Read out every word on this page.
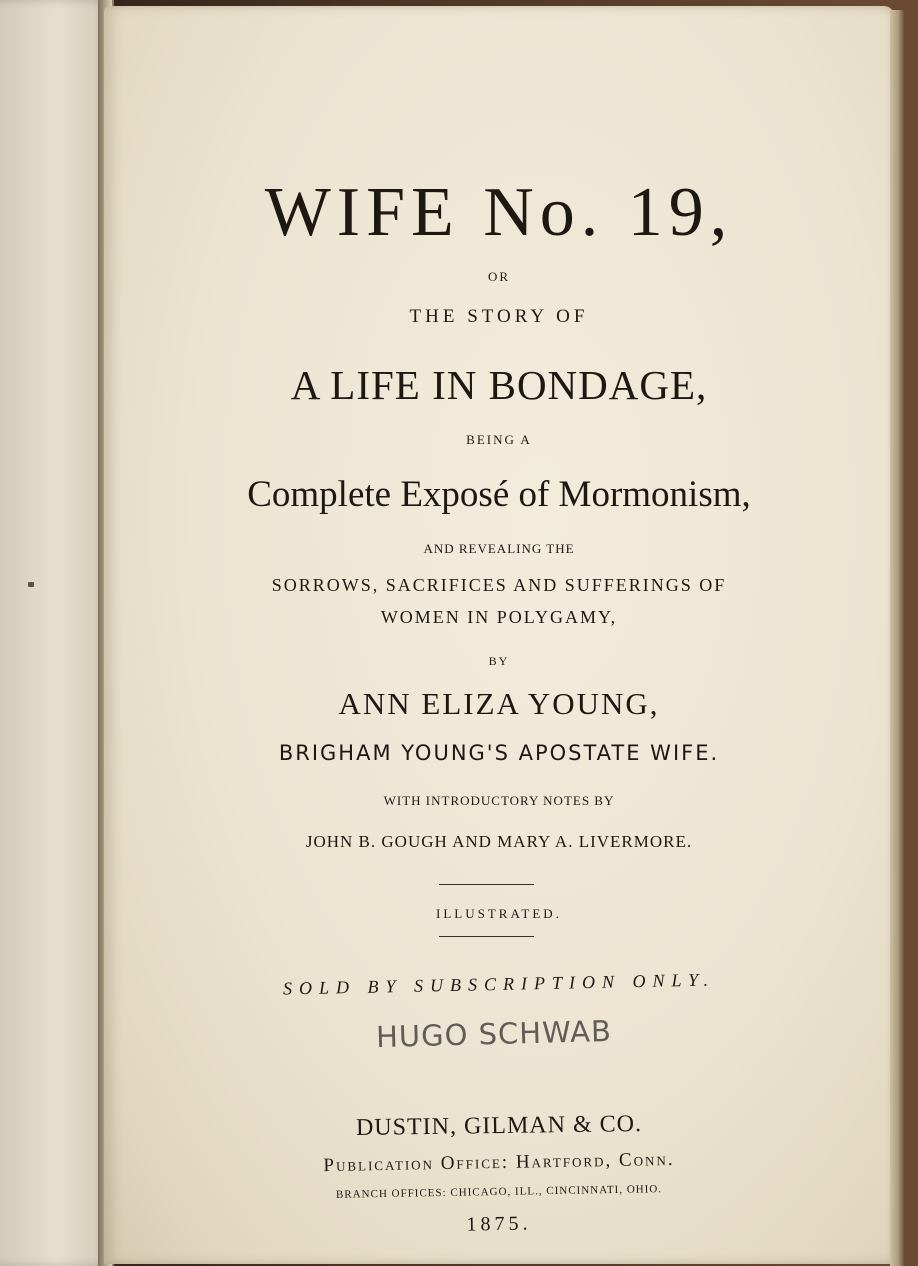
WIFE No. 19,
OR
THE STORY OF
A LIFE IN BONDAGE,
BEING A
Complete Exposé of Mormonism,
AND REVEALING THE
SORROWS, SACRIFICES AND SUFFERINGS OF
WOMEN IN POLYGAMY,
BY
ANN ELIZA YOUNG,
BRIGHAM YOUNG'S APOSTATE WIFE.
WITH INTRODUCTORY NOTES BY
JOHN B. GOUGH AND MARY A. LIVERMORE.
ILLUSTRATED.
SOLD BY SUBSCRIPTION ONLY.
HUGO SCHWAB
DUSTIN, GILMAN & CO.
Publication Office: Hartford, Conn.
BRANCH OFFICES: CHICAGO, ILL., CINCINNATI, OHIO.
1875.
